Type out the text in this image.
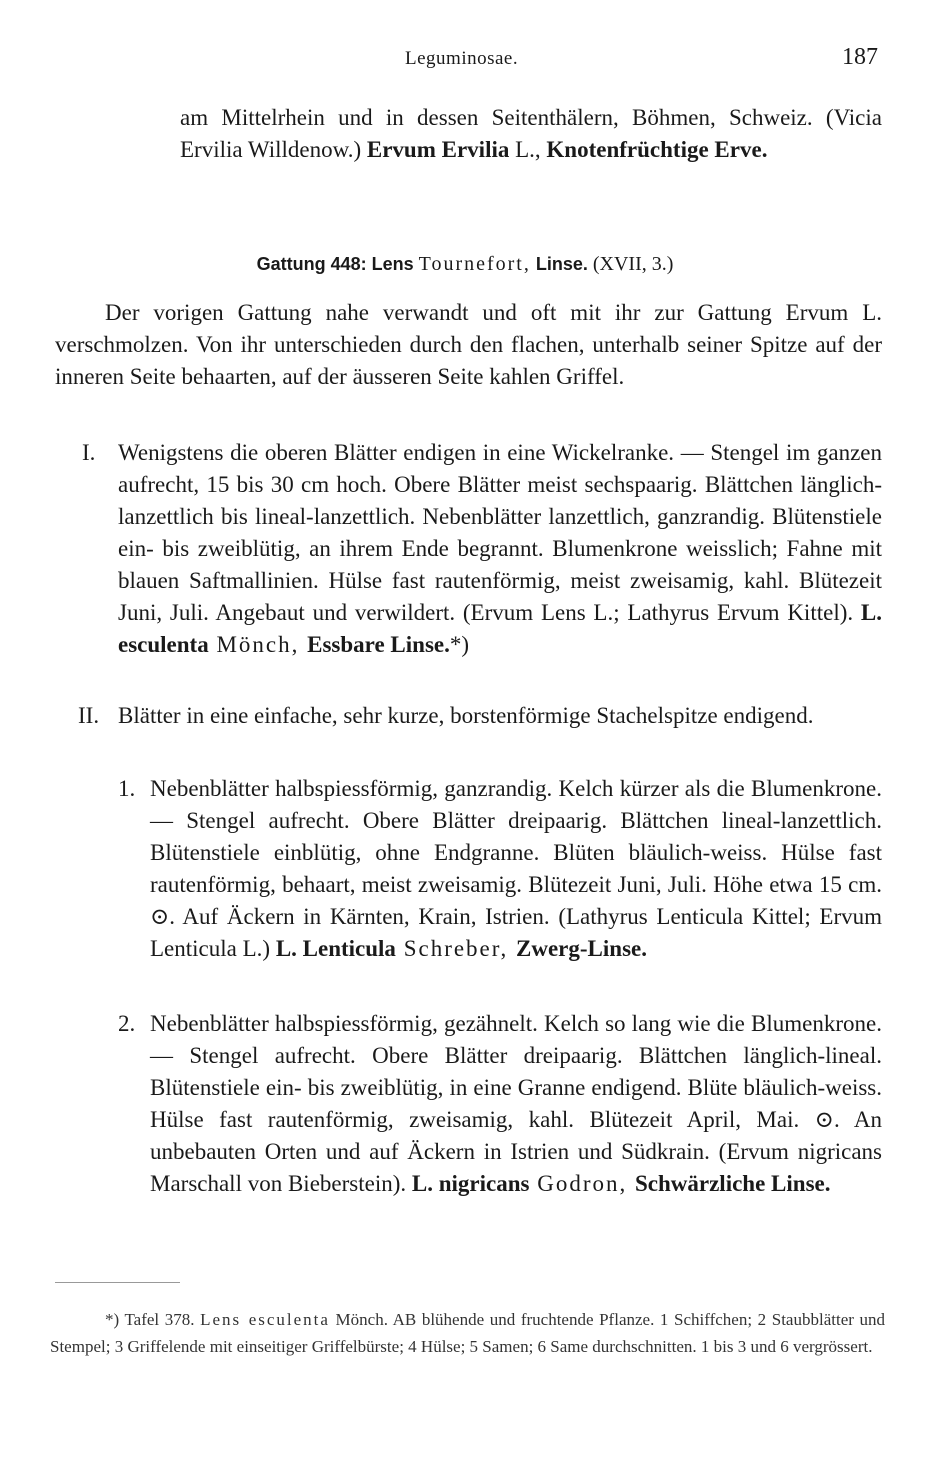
Leguminosae.	187
am Mittelrhein und in dessen Seitenthälern, Böhmen, Schweiz. (Vicia Ervilia Willdenow.) Ervum Ervilia L., Knotenfrüchtige Erve.
Gattung 448: Lens Tournefort, Linse. (XVII, 3.)
Der vorigen Gattung nahe verwandt und oft mit ihr zur Gattung Ervum L. verschmolzen. Von ihr unterschieden durch den flachen, unterhalb seiner Spitze auf der inneren Seite behaarten, auf der äusseren Seite kahlen Griffel.
I. Wenigstens die oberen Blätter endigen in eine Wickelranke. — Stengel im ganzen aufrecht, 15 bis 30 cm hoch. Obere Blätter meist sechspaarig. Blättchen länglich-lanzettlich bis lineal-lanzettlich. Nebenblätter lanzettlich, ganzrandig. Blütenstiele ein- bis zweiblütig, an ihrem Ende begrannt. Blumenkrone weisslich; Fahne mit blauen Saftmallinien. Hülse fast rautenförmig, meist zweisamig, kahl. Blütezeit Juni, Juli. Angebaut und verwildert. (Ervum Lens L.; Lathyrus Ervum Kittel). L. esculenta Mönch, Essbare Linse.*)
II. Blätter in eine einfache, sehr kurze, borstenförmige Stachelspitze endigend.
1. Nebenblätter halbspiessförmig, ganzrandig. Kelch kürzer als die Blumenkrone. — Stengel aufrecht. Obere Blätter dreipaarig. Blättchen lineal-lanzettlich. Blütenstiele einblütig, ohne Endgranne. Blüten bläulich-weiss. Hülse fast rautenförmig, behaart, meist zweisamig. Blütezeit Juni, Juli. Höhe etwa 15 cm. ⊙. Auf Äckern in Kärnten, Krain, Istrien. (Lathyrus Lenticula Kittel; Ervum Lenticula L.) L. Lenticula Schreber, Zwerg-Linse.
2. Nebenblätter halbspiessförmig, gezähnelt. Kelch so lang wie die Blumenkrone. — Stengel aufrecht. Obere Blätter dreipaarig. Blättchen länglich-lineal. Blütenstiele ein- bis zweiblütig, in eine Granne endigend. Blüte bläulich-weiss. Hülse fast rautenförmig, zweisamig, kahl. Blütezeit April, Mai. ⊙. An unbebauten Orten und auf Äckern in Istrien und Südkrain. (Ervum nigricans Marschall von Bieberstein). L. nigricans Godron, Schwärzliche Linse.
*) Tafel 378. Lens esculenta Mönch. AB blühende und fruchtende Pflanze. 1 Schiffchen; 2 Staubblätter und Stempel; 3 Griffelende mit einseitiger Griffelbürste; 4 Hülse; 5 Samen; 6 Same durchschnitten. 1 bis 3 und 6 vergrössert.
